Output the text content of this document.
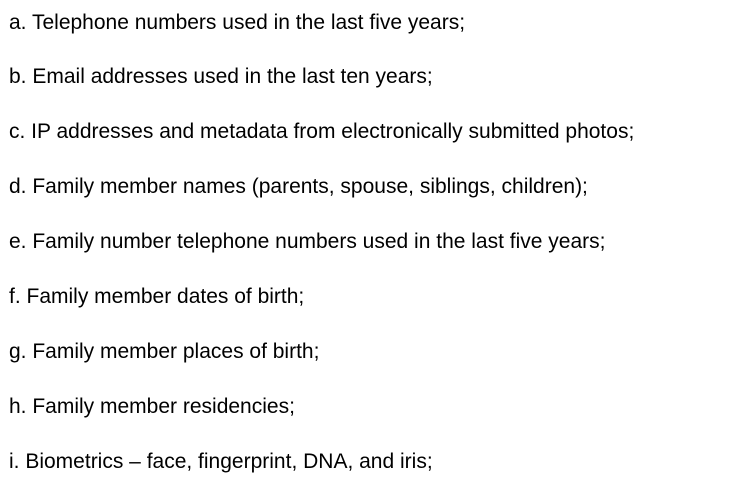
a. Telephone numbers used in the last five years;
b. Email addresses used in the last ten years;
c. IP addresses and metadata from electronically submitted photos;
d. Family member names (parents, spouse, siblings, children);
e. Family number telephone numbers used in the last five years;
f. Family member dates of birth;
g. Family member places of birth;
h. Family member residencies;
i. Biometrics – face, fingerprint, DNA, and iris;
